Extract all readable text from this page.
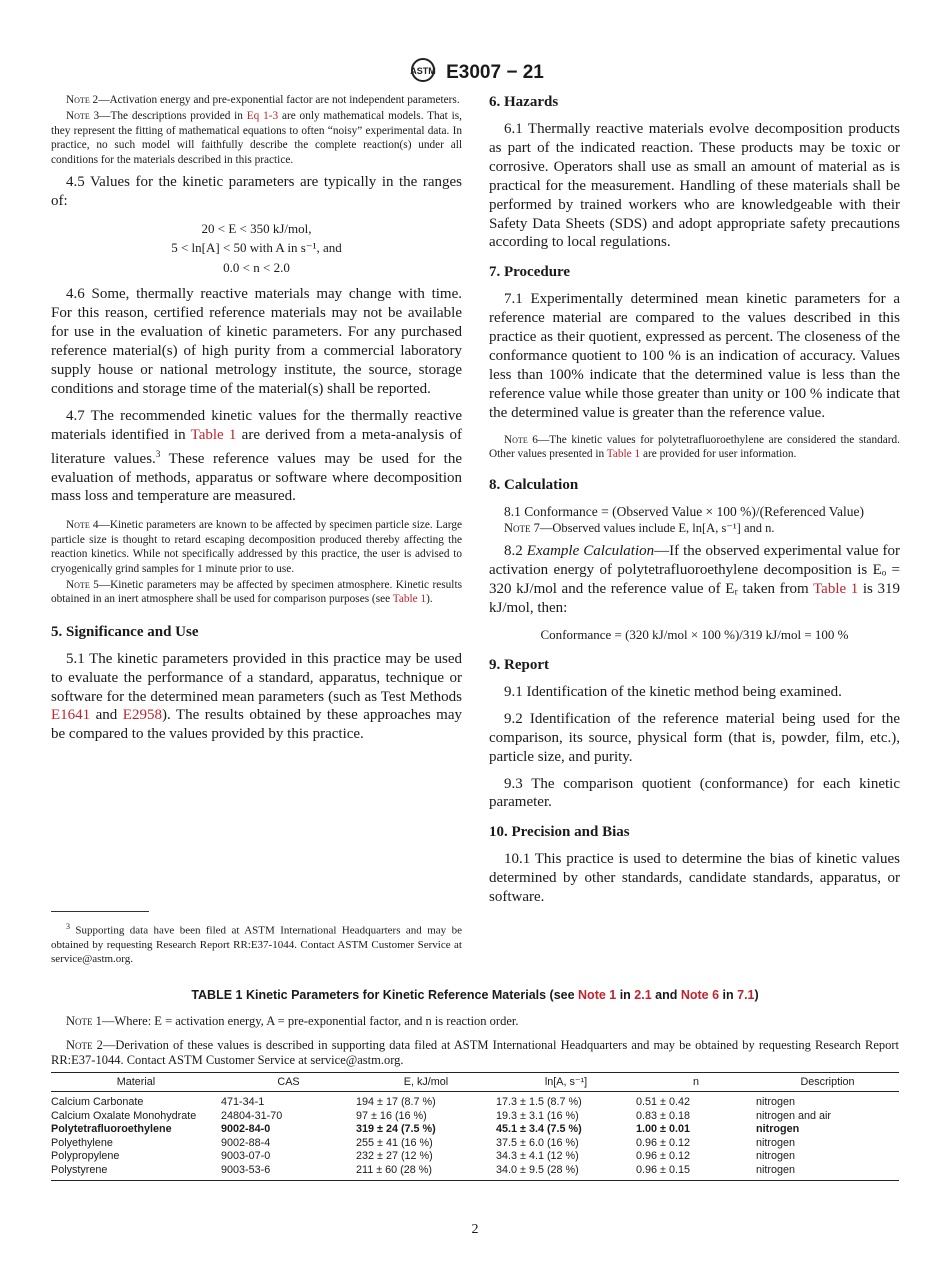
ASTM E3007 − 21

Note 2—Activation energy and pre-exponential factor are not independent parameters.

Note 3—The descriptions provided in Eq 1-3 are only mathematical models. That is, they represent the fitting of mathematical equations to often “noisy” experimental data. In practice, no such model will faithfully describe the complete reaction(s) under all conditions for the materials described in this practice.

4.5 Values for the kinetic parameters are typically in the ranges of:

20 < E < 350 kJ/mol,
5 < ln[A] < 50 with A in s⁻¹, and
0.0 < n < 2.0

4.6 Some, thermally reactive materials may change with time. For this reason, certified reference materials may not be available for use in the evaluation of kinetic parameters. For any purchased reference material(s) of high purity from a commercial laboratory supply house or national metrology institute, the source, storage conditions and storage time of the material(s) shall be reported.

4.7 The recommended kinetic values for the thermally reactive materials identified in Table 1 are derived from a meta-analysis of literature values.$^3$ These reference values may be used for the evaluation of methods, apparatus or software where decomposition mass loss and temperature are measured.

Note 4—Kinetic parameters are known to be affected by specimen particle size. Large particle size is thought to retard escaping decomposition produced thereby affecting the reaction kinetics. While not specifically addressed by this practice, the user is advised to cryogenically grind samples for 1 minute prior to use.

Note 5—Kinetic parameters may be affected by specimen atmosphere. Kinetic results obtained in an inert atmosphere shall be used for comparison purposes (see Table 1).

5. Significance and Use

5.1 The kinetic parameters provided in this practice may be used to evaluate the performance of a standard, apparatus, technique or software for the determined mean parameters (such as Test Methods E1641 and E2958). The results obtained by these approaches may be compared to the values provided by this practice.

$^3$ Supporting data have been filed at ASTM International Headquarters and may be obtained by requesting Research Report RR:E37-1044. Contact ASTM Customer Service at service@astm.org.
6. Hazards

6.1 Thermally reactive materials evolve decomposition products as part of the indicated reaction. These products may be toxic or corrosive. Operators shall use as small an amount of material as is practical for the measurement. Handling of these materials shall be performed by trained workers who are knowledgeable with their Safety Data Sheets (SDS) and adopt appropriate safety precautions according to local regulations.

7. Procedure

7.1 Experimentally determined mean kinetic parameters for a reference material are compared to the values described in this practice as their quotient, expressed as percent. The closeness of the conformance quotient to 100 % is an indication of accuracy. Values less than 100% indicate that the determined value is less than the reference value while those greater than unity or 100 % indicate that the determined value is greater than the reference value.

Note 6—The kinetic values for polytetrafluoroethylene are considered the standard. Other values presented in Table 1 are provided for user information.

8. Calculation

8.1 Conformance = (Observed Value × 100 %)/(Referenced Value)

Note 7—Observed values include E, ln[A, s⁻¹] and n.

8.2 Example Calculation—If the observed experimental value for activation energy of polytetrafluoroethylene decomposition is Eₒ = 320 kJ/mol and the reference value of Eᵣ taken from Table 1 is 319 kJ/mol, then:

Conformance = (320 kJ/mol × 100 %)/319 kJ/mol = 100 %
9. Report

9.1 Identification of the kinetic method being examined.

9.2 Identification of the reference material being used for the comparison, its source, physical form (that is, powder, film, etc.), particle size, and purity.

9.3 The comparison quotient (conformance) for each kinetic parameter.

10. Precision and Bias

10.1 This practice is used to determine the bias of kinetic values determined by other standards, candidate standards, apparatus, or software.

TABLE 1 Kinetic Parameters for Kinetic Reference Materials (see Note 1 in 2.1 and Note 6 in 7.1)
Note 1—Where: E = activation energy, A = pre-exponential factor, and n is reaction order.
Note 2—Derivation of these values is described in supporting data filed at ASTM International Headquarters and may be obtained by requesting Research Report RR:E37-1044. Contact ASTM Customer Service at service@astm.org.
Material	CAS	E, kJ/mol	ln[A, s⁻¹]	n	Description
Calcium Carbonate	471-34-1	194 ± 17 (8.7 %)	17.3 ± 1.5 (8.7 %)	0.51 ± 0.42	nitrogen
Calcium Oxalate Monohydrate	24804-31-70	97 ± 16 (16 %)	19.3 ± 3.1 (16 %)	0.83 ± 0.18	nitrogen and air
Polytetrafluoroethylene	9002-84-0	319 ± 24 (7.5 %)	45.1 ± 3.4 (7.5 %)	1.00 ± 0.01	nitrogen
Polyethylene	9002-88-4	255 ± 41 (16 %)	37.5 ± 6.0 (16 %)	0.96 ± 0.12	nitrogen
Polypropylene	9003-07-0	232 ± 27 (12 %)	34.3 ± 4.1 (12 %)	0.96 ± 0.12	nitrogen
Polystyrene	9003-53-6	211 ± 60 (28 %)	34.0 ± 9.5 (28 %)	0.96 ± 0.15	nitrogen
2
